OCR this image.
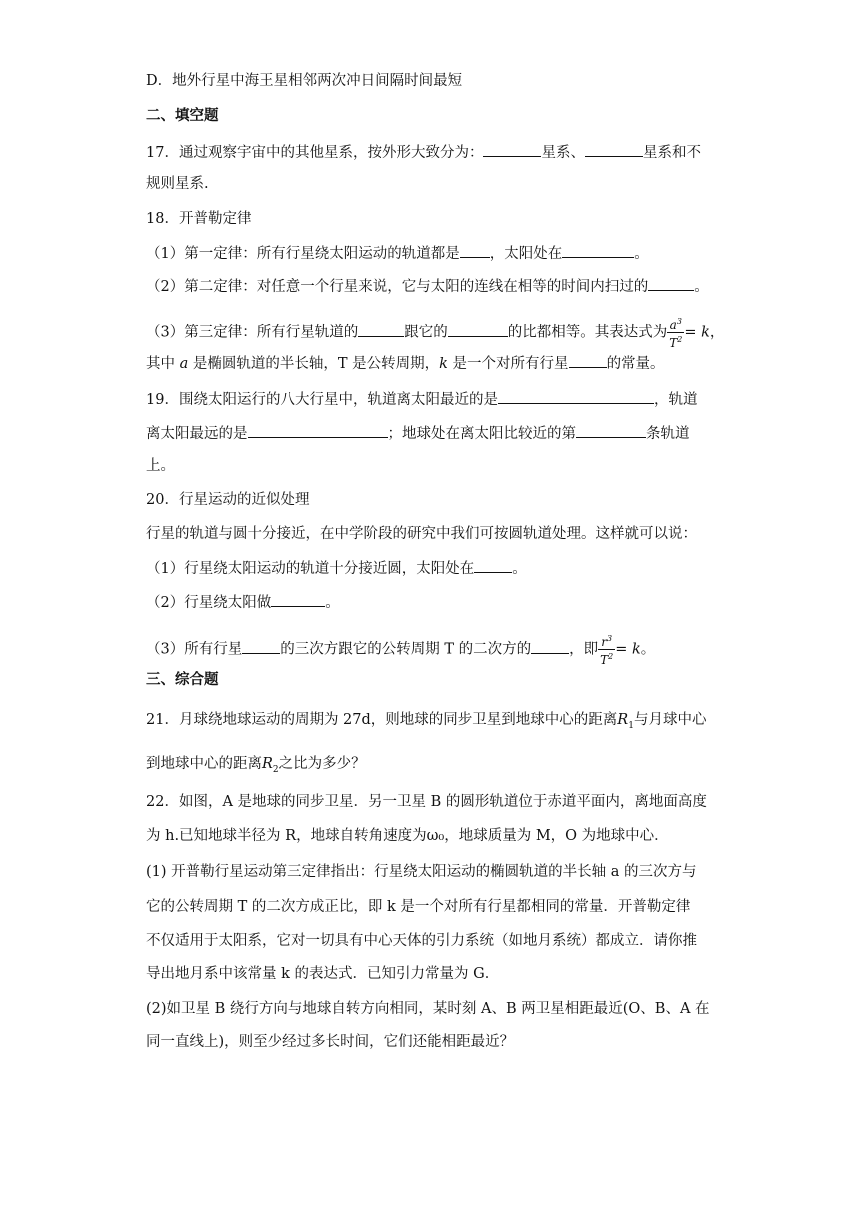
D．地外行星中海王星相邻两次冲日间隔时间最短
二、填空题
17．通过观察宇宙中的其他星系，按外形大致分为：	星系、	星系和不
规则星系.
18．开普勒定律
（1）第一定律：所有行星绕太阳运动的轨道都是 ，太阳处在	。
（2）第二定律：对任意一个行星来说，它与太阳的连线在相等的时间内扫过的	。
（3）第三定律：所有行星轨道的	跟它的	的比都相等。其表达式为 $\frac{a^3}{T^2} = k$，
其中 a 是椭圆轨道的半长轴，T 是公转周期，k 是一个对所有行星	的常量。
19．围绕太阳运行的八大行星中，轨道离太阳最近的是	，轨道
离太阳最远的是	；地球处在离太阳比较近的第	条轨道
上。
20．行星运动的近似处理
行星的轨道与圆十分接近，在中学阶段的研究中我们可按圆轨道处理。这样就可以说：
（1）行星绕太阳运动的轨道十分接近圆，太阳处在	。
（2）行星绕太阳做	。
（3）所有行星	的三次方跟它的公转周期 T 的二次方的	，即 $\frac{r^3}{T^2} = k$。
三、综合题
21．月球绕地球运动的周期为 27d，则地球的同步卫星到地球中心的距离$R_1$与月球中心
到地球中心的距离$R_2$之比为多少？
22．如图，A 是地球的同步卫星．另一卫星 B 的圆形轨道位于赤道平面内，离地面高度
为 h.已知地球半径为 R，地球自转角速度为ω₀，地球质量为 M，O 为地球中心．
(1) 开普勒行星运动第三定律指出：行星绕太阳运动的椭圆轨道的半长轴 a 的三次方与
它的公转周期 T 的二次方成正比，即 k 是一个对所有行星都相同的常量．开普勒定律
不仅适用于太阳系，它对一切具有中心天体的引力系统（如地月系统）都成立．请你推
导出地月系中该常量 k 的表达式．已知引力常量为 G．
(2)如卫星 B 绕行方向与地球自转方向相同，某时刻 A、B 两卫星相距最近(O、B、A 在
同一直线上)，则至少经过多长时间，它们还能相距最近？
